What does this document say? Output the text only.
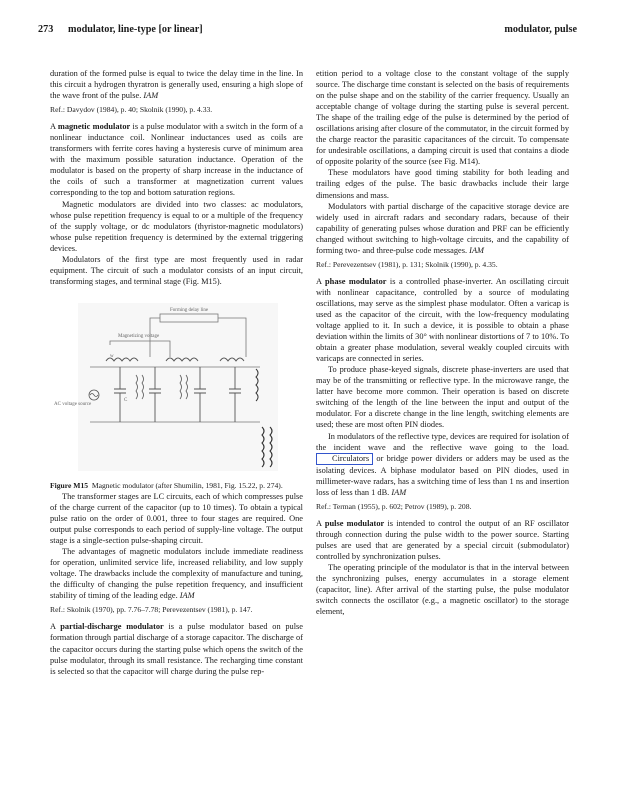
273 modulator, line-type [or linear]	modulator, pulse

duration of the formed pulse is equal to twice the delay time in the line. In this circuit a hydrogen thyratron is generally used, ensuring a high slope of the wave front of the pulse. IAM

Ref.: Davydov (1984), p. 40; Skolnik (1990), p. 4.33.

A magnetic modulator is a pulse modulator with a switch in the form of a nonlinear inductance coil. Nonlinear inductances used as coils are transformers with ferrite cores having a hysteresis curve of minimum area with the maximum possible saturation inductance. Operation of the modulator is based on the property of sharp increase in the inductance of the coils of such a transformer at magnetization current values corresponding to the top and bottom saturation regions.

Magnetic modulators are divided into two classes: ac modulators, whose pulse repetition frequency is equal to or a multiple of the frequency of the supply voltage, or dc modulators (thyristor-magnetic modulators) whose pulse repetition frequency is determined by the external triggering devices.

Modulators of the first type are most frequently used in radar equipment. The circuit of such a modulator consists of an input circuit, transforming stages, and terminal stage (Fig. M15).

Forming delay line
Magnetizing voltage
AC voltage source
w
C

Figure M15 Magnetic modulator (after Shumilin, 1981, Fig. 15.22, p. 274).

The transformer stages are LC circuits, each of which compresses pulse of the charge current of the capacitor (up to 10 times). To obtain a typical pulse ratio on the order of 0.001, three to four stages are required. One output pulse corresponds to each period of supply-line voltage. The output stage is a single-section pulse-shaping circuit.

The advantages of magnetic modulators include immediate readiness for operation, unlimited service life, increased reliability, and low supply voltage. The drawbacks include the complexity of manufacture and tuning, the difficulty of changing the pulse repetition frequency, and insufficient stability of timing of the leading edge. IAM

Ref.: Skolnik (1970), pp. 7.76–7.78; Perevezentsev (1981), p. 147.

A partial-discharge modulator is a pulse modulator based on pulse formation through partial discharge of a storage capacitor. The discharge of the capacitor occurs during the starting pulse which opens the switch of the pulse modulator, through its small resistance. The recharging time constant is selected so that the capacitor will charge during the pulse rep-

etition period to a voltage close to the constant voltage of the supply source. The discharge time constant is selected on the basis of requirements on the pulse shape and on the stability of the carrier frequency. Usually an acceptable change of voltage during the starting pulse is several percent. The shape of the trailing edge of the pulse is determined by the period of oscillations arising after closure of the commutator, in the circuit formed by the charge reactor the parasitic capacitances of the circuit. To compensate for undesirable oscillations, a damping circuit is used that contains a diode of opposite polarity of the source (see Fig. M14).

These modulators have good timing stability for both leading and trailing edges of the pulse. The basic drawbacks include their large dimensions and mass.

Modulators with partial discharge of the capacitive storage device are widely used in aircraft radars and secondary radars, because of their capability of generating pulses whose duration and PRF can be efficiently changed without switching to high-voltage circuits, and the capability of forming two- and three-pulse code messages. IAM

Ref.: Perevezentsev (1981), p. 131; Skolnik (1990), p. 4.35.

A phase modulator is a controlled phase-inverter. An oscillating circuit with nonlinear capacitance, controlled by a source of modulating oscillations, may serve as the simplest phase modulator. Often a varicap is used as the capacitor of the circuit, with the low-frequency modulating voltage applied to it. In such a device, it is possible to obtain a phase deviation within the limits of 30° with nonlinear distortions of 7 to 10%. To obtain a greater phase modulation, several weakly coupled circuits with varicaps are connected in series.

To produce phase-keyed signals, discrete phase-inverters are used that may be of the transmitting or reflective type. In the microwave range, the latter have become more common. Their operation is based on discrete switching of the length of the line between the input and output of the modulator. For a discrete change in the line length, switching elements are used; these are most often PIN diodes.

In modulators of the reflective type, devices are required for isolation of the incident wave and the reflective wave going to the load. Circulators or bridge power dividers or adders may be used as the isolating devices. A biphase modulator based on PIN diodes, used in millimeter-wave radars, has a switching time of less than 1 ns and insertion loss of less than 1 dB. IAM

Ref.: Terman (1955), p. 602; Petrov (1989), p. 208.

A pulse modulator is intended to control the output of an RF oscillator through connection during the pulse width to the power source. Starting pulses are used that are generated by a special circuit (submodulator) controlled by synchronization pulses.

The operating principle of the modulator is that in the interval between the synchronizing pulses, energy accumulates in a storage element (capacitor, line). After arrival of the starting pulse, the pulse modulator switch connects the oscillator (e.g., a magnetic oscillator) to the storage element,
